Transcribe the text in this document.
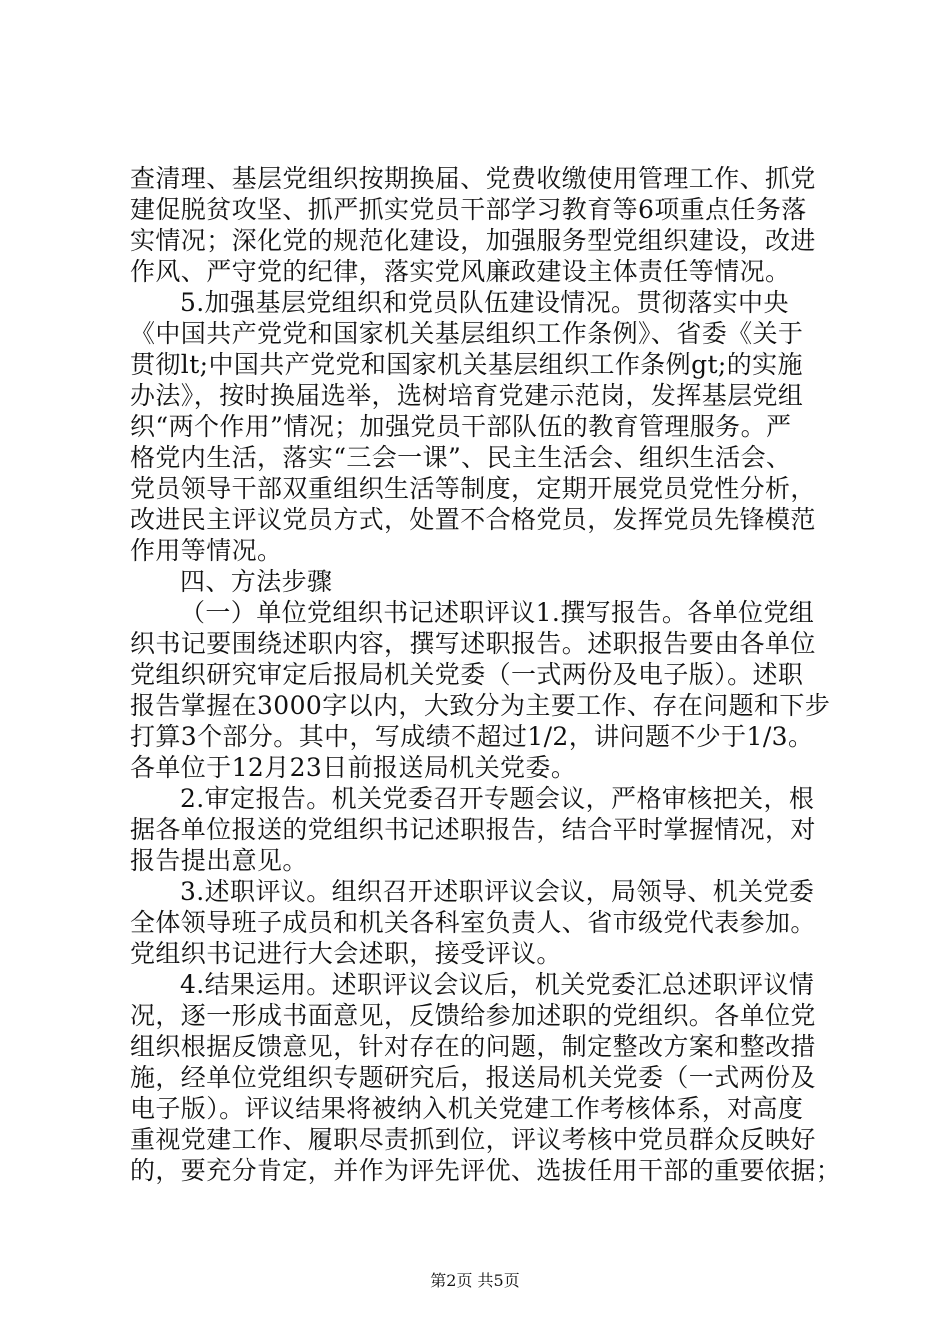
查清理、基层党组织按期换届、党费收缴使用管理工作、抓党
建促脱贫攻坚、抓严抓实党员干部学习教育等6项重点任务落
实情况；深化党的规范化建设，加强服务型党组织建设，改进
作风、严守党的纪律，落实党风廉政建设主体责任等情况。
5.加强基层党组织和党员队伍建设情况。贯彻落实中央
《中国共产党党和国家机关基层组织工作条例》、省委《关于
贯彻lt;中国共产党党和国家机关基层组织工作条例gt;的实施
办法》，按时换届选举，选树培育党建示范岗，发挥基层党组
织“两个作用”情况；加强党员干部队伍的教育管理服务。严
格党内生活，落实“三会一课”、民主生活会、组织生活会、
党员领导干部双重组织生活等制度，定期开展党员党性分析，
改进民主评议党员方式，处置不合格党员，发挥党员先锋模范
作用等情况。
四、方法步骤
（一）单位党组织书记述职评议1.撰写报告。各单位党组
织书记要围绕述职内容，撰写述职报告。述职报告要由各单位
党组织研究审定后报局机关党委（一式两份及电子版）。述职
报告掌握在3000字以内，大致分为主要工作、存在问题和下步
打算3个部分。其中，写成绩不超过1/2，讲问题不少于1/3。
各单位于12月23日前报送局机关党委。
2.审定报告。机关党委召开专题会议，严格审核把关，根
据各单位报送的党组织书记述职报告，结合平时掌握情况，对
报告提出意见。
3.述职评议。组织召开述职评议会议，局领导、机关党委
全体领导班子成员和机关各科室负责人、省市级党代表参加。
党组织书记进行大会述职，接受评议。
4.结果运用。述职评议会议后，机关党委汇总述职评议情
况，逐一形成书面意见，反馈给参加述职的党组织。各单位党
组织根据反馈意见，针对存在的问题，制定整改方案和整改措
施，经单位党组织专题研究后，报送局机关党委（一式两份及
电子版）。评议结果将被纳入机关党建工作考核体系，对高度
重视党建工作、履职尽责抓到位，评议考核中党员群众反映好
的，要充分肯定，并作为评先评优、选拔任用干部的重要依据；
第2页 共5页
